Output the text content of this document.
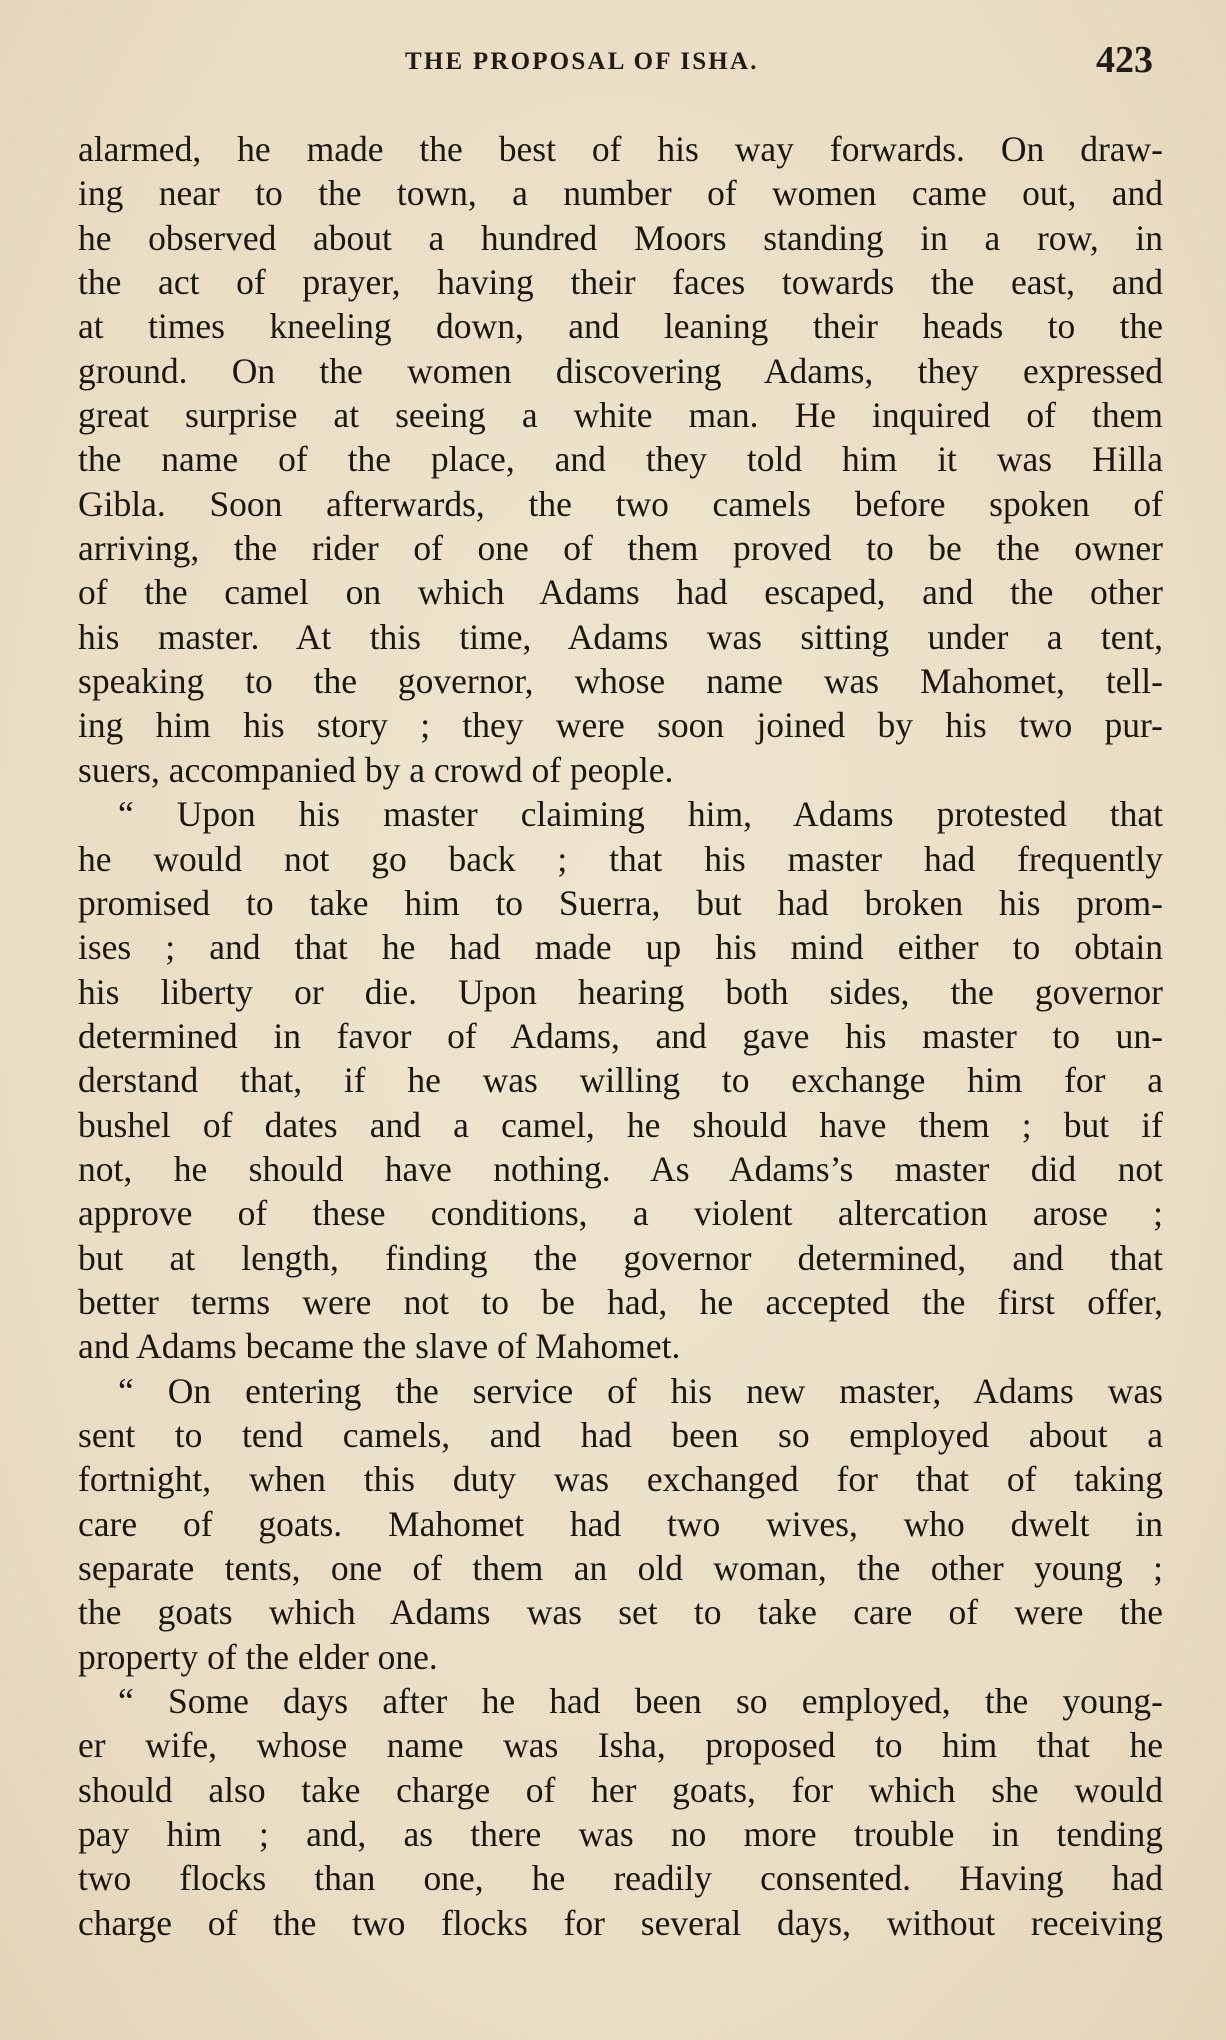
THE PROPOSAL OF ISHA.	423
alarmed, he made the best of his way forwards. On draw-
ing near to the town, a number of women came out, and
he observed about a hundred Moors standing in a row, in
the act of prayer, having their faces towards the east, and
at times kneeling down, and leaning their heads to the
ground. On the women discovering Adams, they expressed
great surprise at seeing a white man. He inquired of them
the name of the place, and they told him it was Hilla
Gibla. Soon afterwards, the two camels before spoken of
arriving, the rider of one of them proved to be the owner
of the camel on which Adams had escaped, and the other
his master. At this time, Adams was sitting under a tent,
speaking to the governor, whose name was Mahomet, tell-
ing him his story ; they were soon joined by his two pur-
suers, accompanied by a crowd of people.
“ Upon his master claiming him, Adams protested that
he would not go back ; that his master had frequently
promised to take him to Suerra, but had broken his prom-
ises ; and that he had made up his mind either to obtain
his liberty or die. Upon hearing both sides, the governor
determined in favor of Adams, and gave his master to un-
derstand that, if he was willing to exchange him for a
bushel of dates and a camel, he should have them ; but if
not, he should have nothing. As Adams’s master did not
approve of these conditions, a violent altercation arose ;
but at length, finding the governor determined, and that
better terms were not to be had, he accepted the first offer,
and Adams became the slave of Mahomet.
“ On entering the service of his new master, Adams was
sent to tend camels, and had been so employed about a
fortnight, when this duty was exchanged for that of taking
care of goats. Mahomet had two wives, who dwelt in
separate tents, one of them an old woman, the other young ;
the goats which Adams was set to take care of were the
property of the elder one.
“ Some days after he had been so employed, the young-
er wife, whose name was Isha, proposed to him that he
should also take charge of her goats, for which she would
pay him ; and, as there was no more trouble in tending
two flocks than one, he readily consented. Having had
charge of the two flocks for several days, without receiving
